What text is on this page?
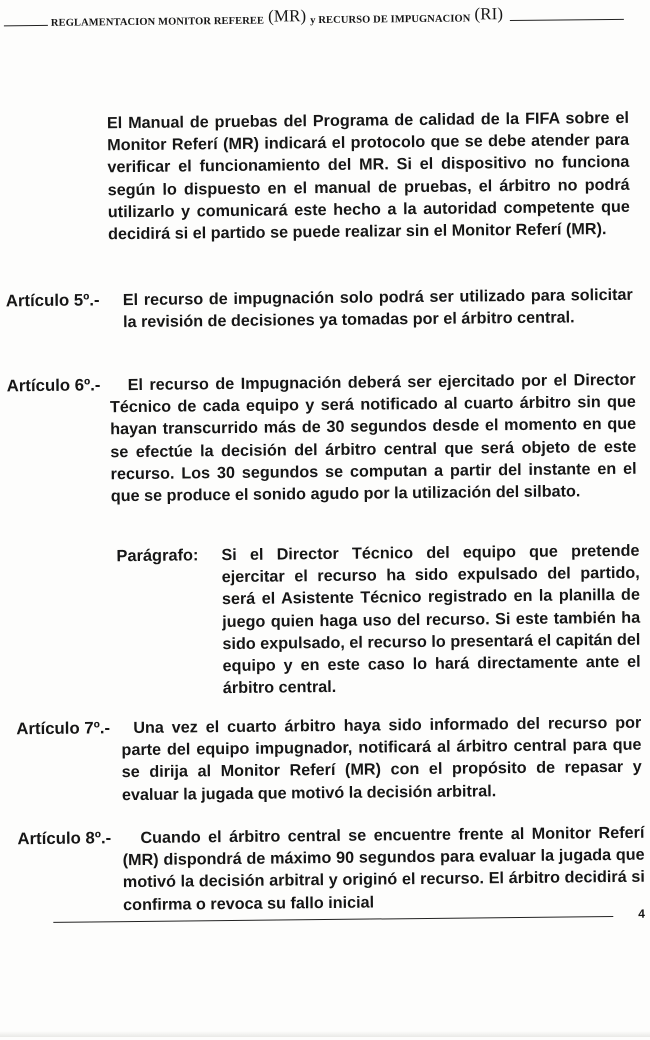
REGLAMENTACION MONITOR REFEREE (MR) y RECURSO DE IMPUGNACION (RI)
El Manual de pruebas del Programa de calidad de la FIFA sobre el Monitor Referí (MR) indicará el protocolo que se debe atender para verificar el funcionamiento del MR. Si el dispositivo no funciona según lo dispuesto en el manual de pruebas, el árbitro no podrá utilizarlo y comunicará este hecho a la autoridad competente que decidirá si el partido se puede realizar sin el Monitor Referí (MR).
Artículo 5º.- El recurso de impugnación solo podrá ser utilizado para solicitar la revisión de decisiones ya tomadas por el árbitro central.
Artículo 6º.-	El recurso de Impugnación deberá ser ejercitado por el Director Técnico de cada equipo y será notificado al cuarto árbitro sin que hayan transcurrido más de 30 segundos desde el momento en que se efectúe la decisión del árbitro central que será objeto de este recurso. Los 30 segundos se computan a partir del instante en el que se produce el sonido agudo por la utilización del silbato.
Parágrafo: Si el Director Técnico del equipo que pretende ejercitar el recurso ha sido expulsado del partido, será el Asistente Técnico registrado en la planilla de juego quien haga uso del recurso. Si este también ha sido expulsado, el recurso lo presentará el capitán del equipo y en este caso lo hará directamente ante el árbitro central.
Artículo 7º.-	Una vez el cuarto árbitro haya sido informado del recurso por parte del equipo impugnador, notificará al árbitro central para que se dirija al Monitor Referí (MR) con el propósito de repasar y evaluar la jugada que motivó la decisión arbitral.
Artículo 8º.-	Cuando el árbitro central se encuentre frente al Monitor Referí (MR) dispondrá de máximo 90 segundos para evaluar la jugada que motivó la decisión arbitral y originó el recurso. El árbitro decidirá si confirma o revoca su fallo inicial	4
